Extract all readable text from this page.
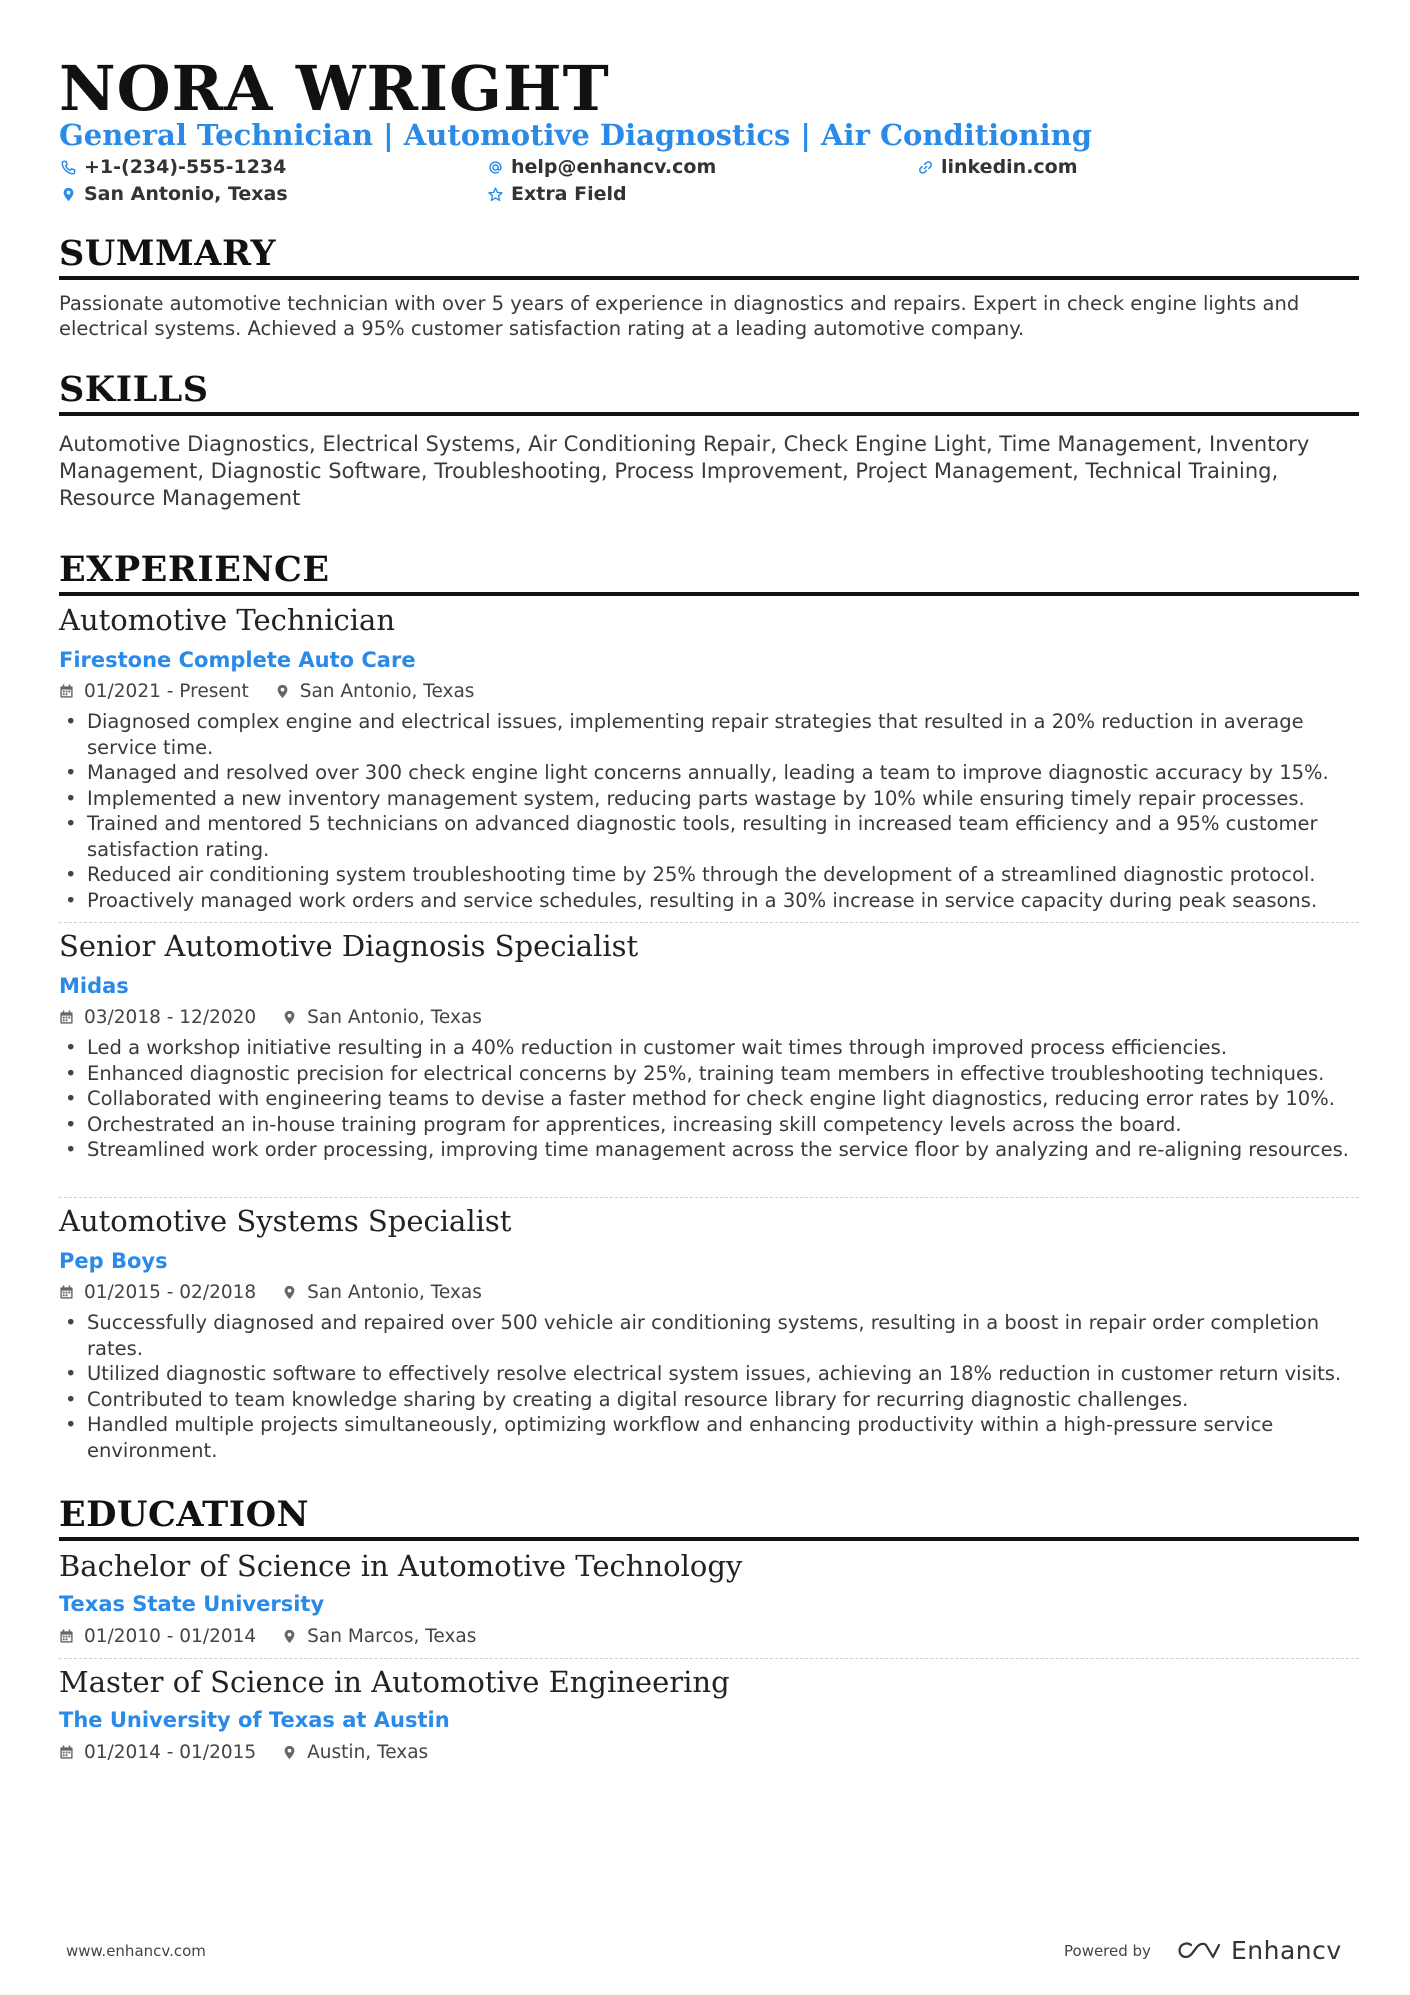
NORA WRIGHT
General Technician | Automotive Diagnostics | Air Conditioning
+1-(234)-555-1234	help@enhancv.com	linkedin.com
San Antonio, Texas	Extra Field
SUMMARY
Passionate automotive technician with over 5 years of experience in diagnostics and repairs. Expert in check engine lights and electrical systems. Achieved a 95% customer satisfaction rating at a leading automotive company.
SKILLS
Automotive Diagnostics, Electrical Systems, Air Conditioning Repair, Check Engine Light, Time Management, Inventory Management, Diagnostic Software, Troubleshooting, Process Improvement, Project Management, Technical Training, Resource Management
EXPERIENCE
Automotive Technician
Firestone Complete Auto Care
01/2021 - Present	San Antonio, Texas
• Diagnosed complex engine and electrical issues, implementing repair strategies that resulted in a 20% reduction in average service time.
• Managed and resolved over 300 check engine light concerns annually, leading a team to improve diagnostic accuracy by 15%.
• Implemented a new inventory management system, reducing parts wastage by 10% while ensuring timely repair processes.
• Trained and mentored 5 technicians on advanced diagnostic tools, resulting in increased team efficiency and a 95% customer satisfaction rating.
• Reduced air conditioning system troubleshooting time by 25% through the development of a streamlined diagnostic protocol.
• Proactively managed work orders and service schedules, resulting in a 30% increase in service capacity during peak seasons.
Senior Automotive Diagnosis Specialist
Midas
03/2018 - 12/2020	San Antonio, Texas
• Led a workshop initiative resulting in a 40% reduction in customer wait times through improved process efficiencies.
• Enhanced diagnostic precision for electrical concerns by 25%, training team members in effective troubleshooting techniques.
• Collaborated with engineering teams to devise a faster method for check engine light diagnostics, reducing error rates by 10%.
• Orchestrated an in-house training program for apprentices, increasing skill competency levels across the board.
• Streamlined work order processing, improving time management across the service floor by analyzing and re-aligning resources.
Automotive Systems Specialist
Pep Boys
01/2015 - 02/2018	San Antonio, Texas
• Successfully diagnosed and repaired over 500 vehicle air conditioning systems, resulting in a boost in repair order completion rates.
• Utilized diagnostic software to effectively resolve electrical system issues, achieving an 18% reduction in customer return visits.
• Contributed to team knowledge sharing by creating a digital resource library for recurring diagnostic challenges.
• Handled multiple projects simultaneously, optimizing workflow and enhancing productivity within a high-pressure service environment.
EDUCATION
Bachelor of Science in Automotive Technology
Texas State University
01/2010 - 01/2014	San Marcos, Texas
Master of Science in Automotive Engineering
The University of Texas at Austin
01/2014 - 01/2015	Austin, Texas
www.enhancv.com	Powered by	Enhancv
